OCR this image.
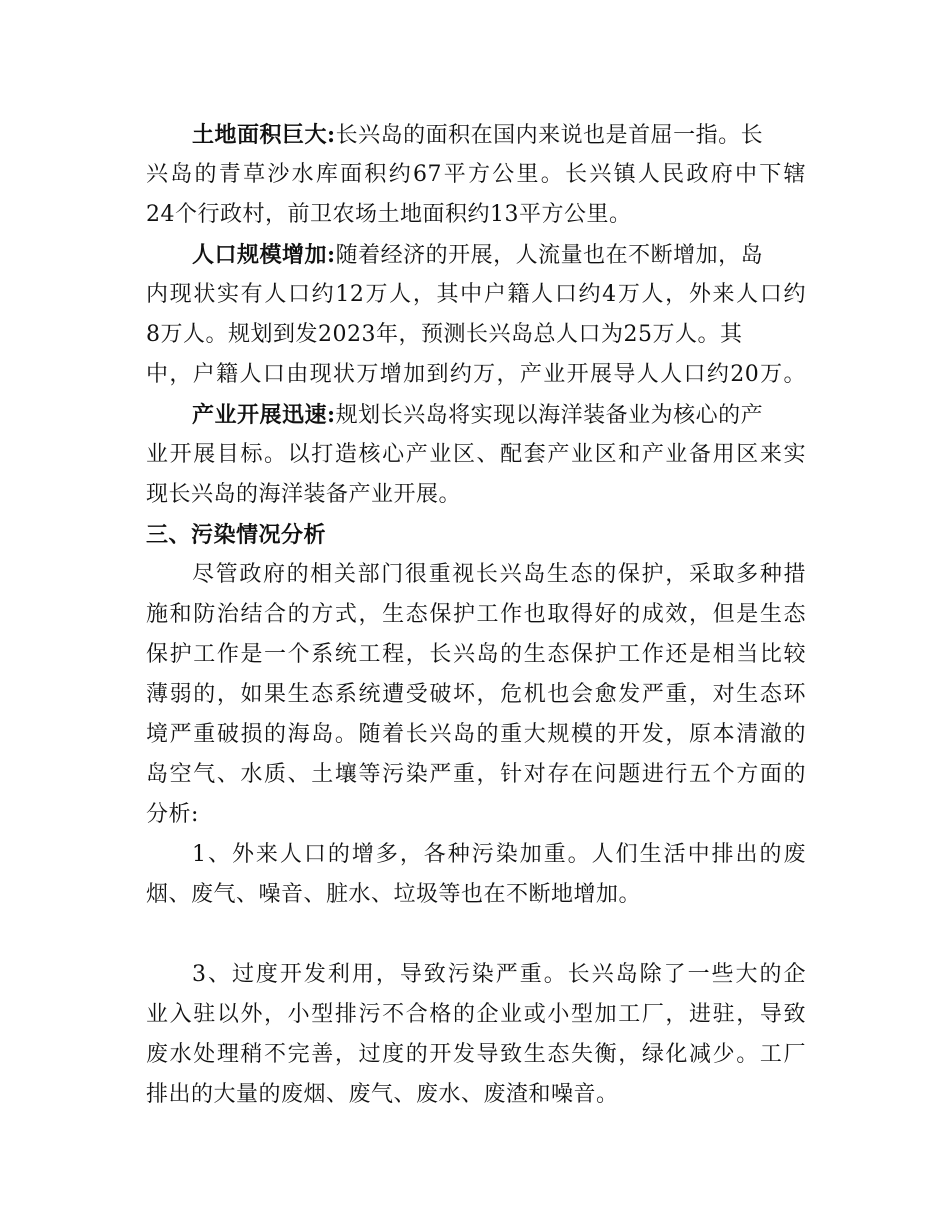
土地面积巨大:长兴岛的面积在国内来说也是首屈一指。长
兴岛的青草沙水库面积约67平方公里。长兴镇人民政府中下辖
24个行政村，前卫农场土地面积约13平方公里。
人口规模增加:随着经济的开展，人流量也在不断增加，岛
内现状实有人口约12万人，其中户籍人口约4万人，外来人口约
8万人。规划到发2023年，预测长兴岛总人口为25万人。其
中，户籍人口由现状万增加到约万，产业开展导人人口约20万。
产业开展迅速:规划长兴岛将实现以海洋装备业为核心的产
业开展目标。以打造核心产业区、配套产业区和产业备用区来实
现长兴岛的海洋装备产业开展。
三、污染情况分析
尽管政府的相关部门很重视长兴岛生态的保护，采取多种措
施和防治结合的方式，生态保护工作也取得好的成效，但是生态
保护工作是一个系统工程，长兴岛的生态保护工作还是相当比较
薄弱的，如果生态系统遭受破坏，危机也会愈发严重，对生态环
境严重破损的海岛。随着长兴岛的重大规模的开发，原本清澈的
岛空气、水质、土壤等污染严重，针对存在问题进行五个方面的
分析:
1、外来人口的增多，各种污染加重。人们生活中排出的废
烟、废气、噪音、脏水、垃圾等也在不断地增加。
3、过度开发利用，导致污染严重。长兴岛除了一些大的企
业入驻以外，小型排污不合格的企业或小型加工厂，进驻，导致
废水处理稍不完善，过度的开发导致生态失衡，绿化减少。工厂
排出的大量的废烟、废气、废水、废渣和噪音。
